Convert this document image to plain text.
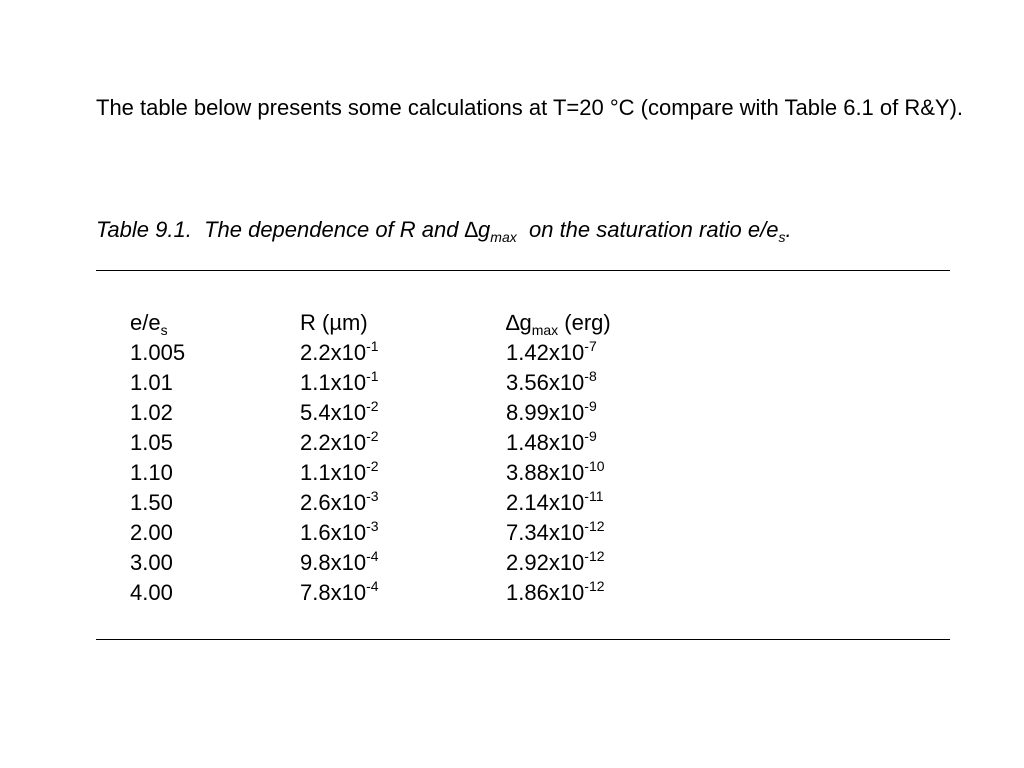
The table below presents some calculations at T=20 °C (compare with Table 6.1 of R&Y).

Table 9.1. The dependence of R and $\Delta g_{max}$ on the saturation ratio $e/e_s$.

$e/e_s$	R (µm)	$\Delta g_{max}$ (erg)
1.005	$2.2x10^{-1}$	$1.42x10^{-7}$
1.01	$1.1x10^{-1}$	$3.56x10^{-8}$
1.02	$5.4x10^{-2}$	$8.99x10^{-9}$
1.05	$2.2x10^{-2}$	$1.48x10^{-9}$
1.10	$1.1x10^{-2}$	$3.88x10^{-10}$
1.50	$2.6x10^{-3}$	$2.14x10^{-11}$
2.00	$1.6x10^{-3}$	$7.34x10^{-12}$
3.00	$9.8x10^{-4}$	$2.92x10^{-12}$
4.00	$7.8x10^{-4}$	$1.86x10^{-12}$
